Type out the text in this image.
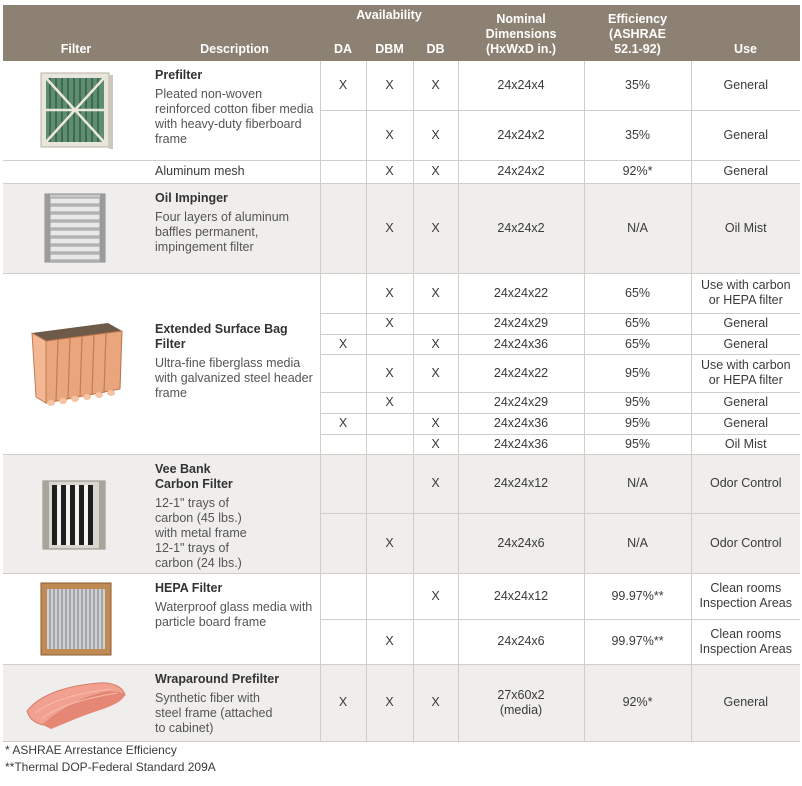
Filter	Description	Availability			Nominal Dimensions (HxWxD in.)	Efficiency (ASHRAE 52.1-92)	Use
		DA	DBM	DB			

	Prefilter
Pleated non-woven reinforced cotton fiber media with heavy-duty fiberboard frame	X	X	X	24x24x4	35%	General
			X	X	24x24x2	35%	General
	Aluminum mesh		X	X	24x24x2	92%*	General

	Oil Impinger
Four layers of aluminum baffles permanent, impingement filter		X	X	24x24x2	N/A	Oil Mist

	Extended Surface Bag Filter
Ultra-fine fiberglass media with galvanized steel header frame		X	X	24x24x22	65%	Use with carbon or HEPA filter

			X		24x24x29	65%	General
		X		X	24x24x36	65%	General
			X	X	24x24x22	95%	Use with carbon or HEPA filter

			X		24x24x29	95%	General
		X		X	24x24x36	95%	General
				X	24x24x36	95%	Oil Mist

Vee Bank Carbon Filter
12-1" trays of carbon (45 lbs.) with metal frame 12-1" trays of carbon (24 lbs.)			X	24x24x12	N/A	Odor Control
			X		24x24x6	N/A	Odor Control

	HEPA Filter
Waterproof glass media with particle board frame			X	24x24x12	99.97%**	Clean rooms Inspection Areas

			X		24x24x6	99.97%**	Clean rooms Inspection Areas

	Wraparound Prefilter
Synthetic fiber with steel frame (attached to cabinet)	X	X	X	27x60x2 (media)	92%*	General
* ASHRAE Arrestance Efficiency
**Thermal DOP-Federal Standard 209A
